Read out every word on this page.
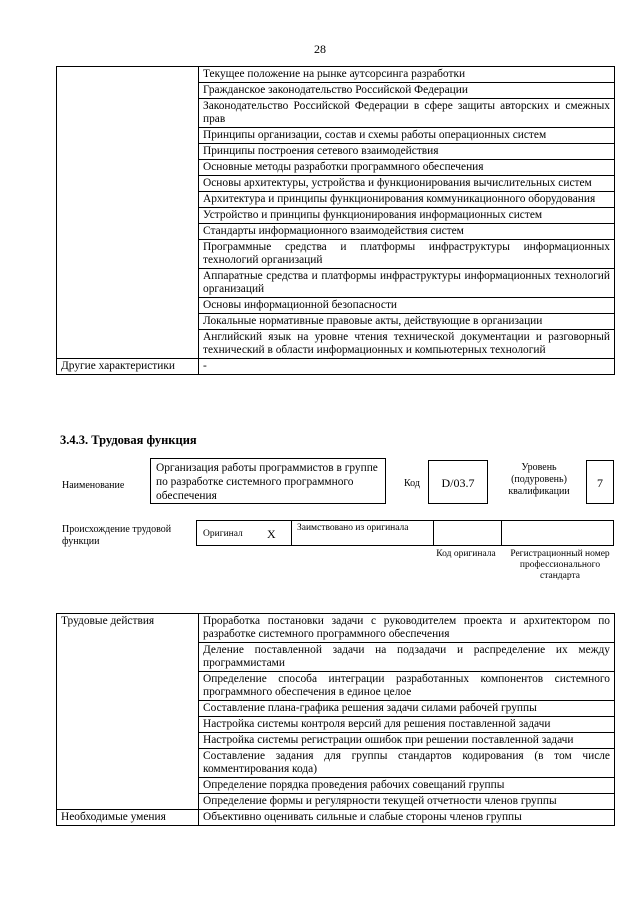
28
	Текущее положение на рынке аутсорсинга разработки
	Гражданское законодательство Российской Федерации
	Законодательство Российской Федерации в сфере защиты авторских и смежных прав
	Принципы организации, состав и схемы работы операционных систем
	Принципы построения сетевого взаимодействия
	Основные методы разработки программного обеспечения
	Основы архитектуры, устройства и функционирования вычислительных систем
	Архитектура и принципы функционирования коммуникационного оборудования
	Устройство и принципы функционирования информационных систем
	Стандарты информационного взаимодействия систем
	Программные средства и платформы инфраструктуры информационных технологий организаций
	Аппаратные средства и платформы инфраструктуры информационных технологий организаций
	Основы информационной безопасности
	Локальные нормативные правовые акты, действующие в организации
	Английский язык на уровне чтения технической документации и разговорный технический в области информационных и компьютерных технологий
Другие характеристики	-
3.4.3. Трудовая функция
Наименование
Организация работы программистов в группе по разработке системного программного обеспечения
Код	D/03.7
Уровень (подуровень) квалификации
7
Происхождение трудовой функции
Оригинал X Заимствовано из оригинала
Код оригинала	Регистрационный номер профессионального стандарта
Трудовые действия	Проработка постановки задачи с руководителем проекта и архитектором по разработке системного программного обеспечения
	Деление поставленной задачи на подзадачи и распределение их между программистами
	Определение способа интеграции разработанных компонентов системного программного обеспечения в единое целое
	Составление плана-графика решения задачи силами рабочей группы
	Настройка системы контроля версий для решения поставленной задачи
	Настройка системы регистрации ошибок при решении поставленной задачи
	Составление задания для группы стандартов кодирования (в том числе комментирования кода)
	Определение порядка проведения рабочих совещаний группы
	Определение формы и регулярности текущей отчетности членов группы
Необходимые умения	Объективно оценивать сильные и слабые стороны членов группы
